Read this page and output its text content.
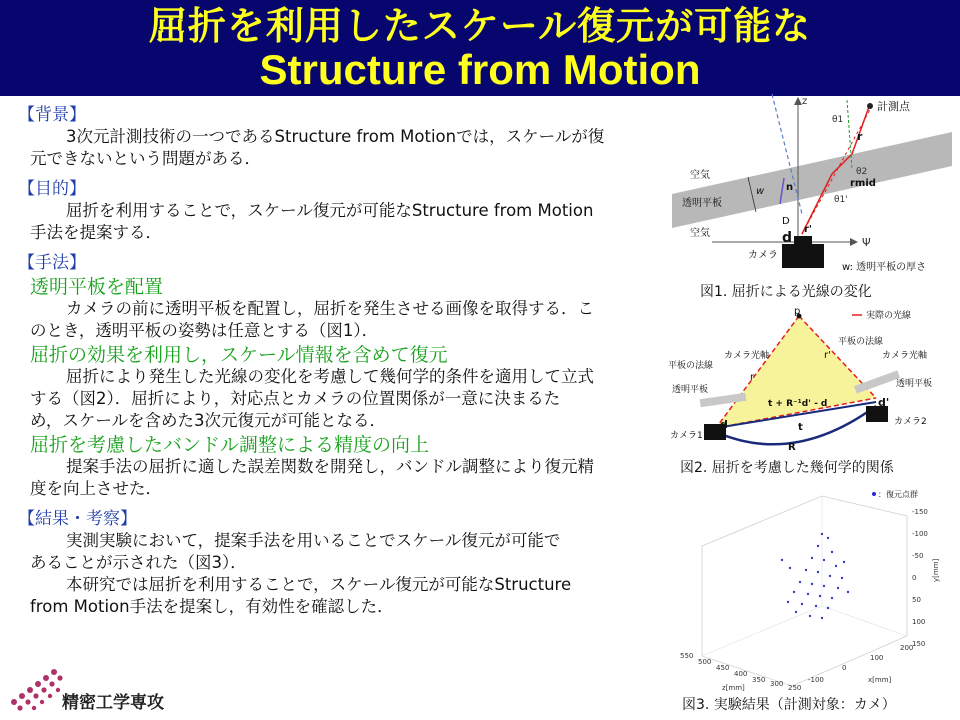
屈折を利用したスケール復元が可能な
Structure from Motion

【背景】

3次元計測技術の一つであるStructure from Motionでは，スケールが復
元できないという問題がある．

【目的】

屈折を利用することで，スケール復元が可能なStructure from Motion
手法を提案する．

【手法】

透明平板を配置

カメラの前に透明平板を配置し，屈折を発生させる画像を取得する．こ
のとき，透明平板の姿勢は任意とする（図1）．

屈折の効果を利用し，スケール情報を含めて復元

屈折により発生した光線の変化を考慮して幾何学的条件を適用して立式
する（図2）．屈折により，対応点とカメラの位置関係が一意に決まるた
め，スケールを含めた3次元復元が可能となる．

屈折を考慮したバンドル調整による精度の向上

提案手法の屈折に適した誤差関数を開発し，バンドル調整により復元精
度を向上させた．

【結果・考察】

実測実験において，提案手法を用いることでスケール復元が可能で
あることが示された（図3）．
本研究では屈折を利用することで，スケール復元が可能なStructure
from Motion手法を提案し，有効性を確認した．

z
Ψ
計測点
θ1
θ2
θ1'
r
rmid
r'
n
w
D
d
空気
透明平板
空気
カメラ
w: 透明平板の厚さ
図1. 屈折による光線の変化
p	実際の光線
カメラ光軸
平板の法線
透明平板
平板の法線
カメラ光軸
透明平板
カメラ1
カメラ2
d
d'
r
r'
t
R
t + R⁻¹d' - d
図2. 屈折を考慮した幾何学的関係
：復元点群
-150
-100
-50
0
50
100
150
y[mm]
550
500
450
400
350 300 250
z[mm]
-100
0
100
200
x[mm]
図3. 実験結果（計測対象：カメ）
精密工学専攻
